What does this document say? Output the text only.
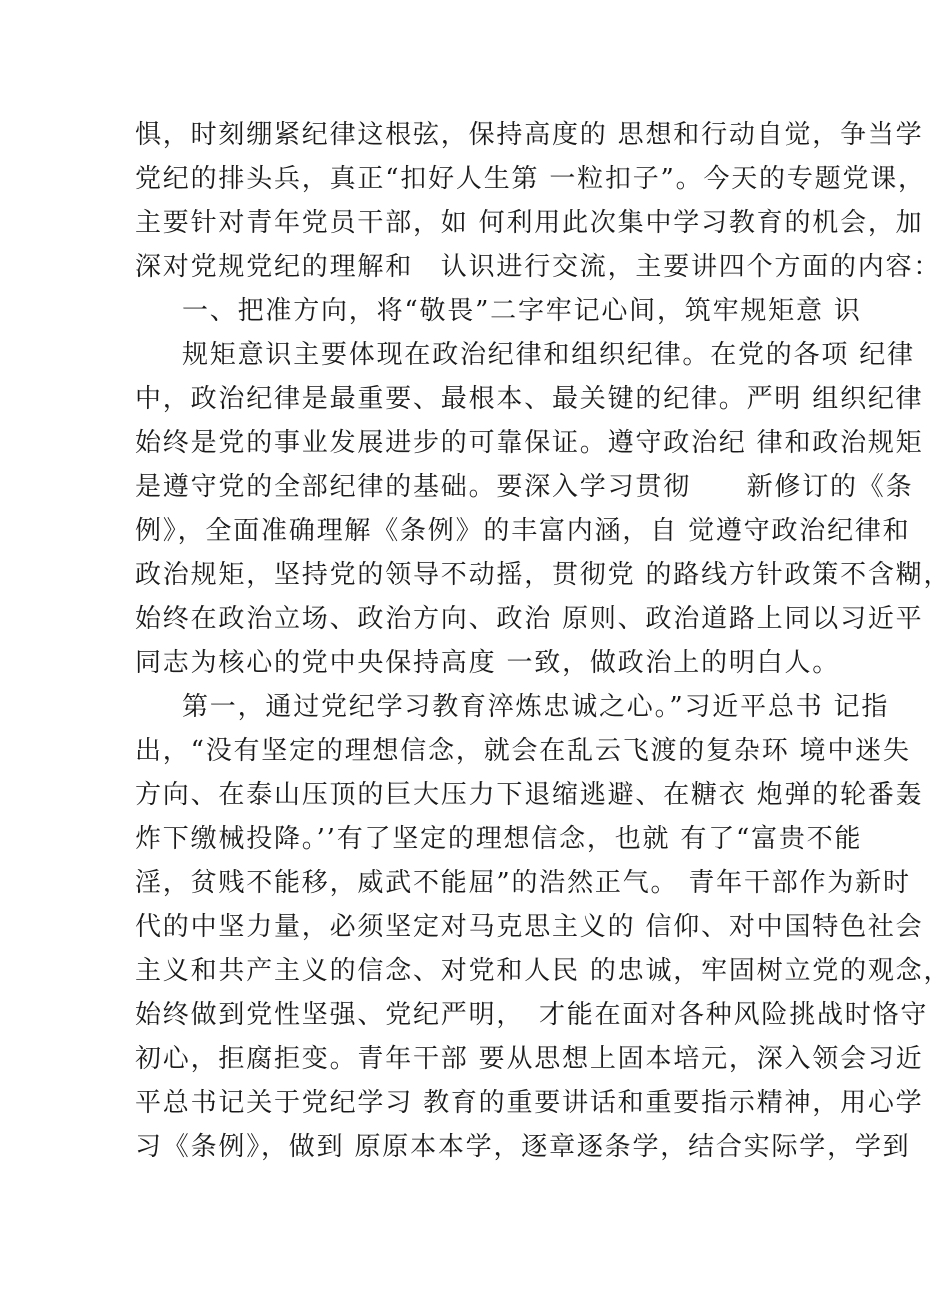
惧，时刻绷紧纪律这根弦，保持高度的 思想和行动自觉，争当学
党纪的排头兵，真正“扣好人生第 一粒扣子”。今天的专题党课，
主要针对青年党员干部，如 何利用此次集中学习教育的机会，加
深对党规党纪的理解和　认识进行交流，主要讲四个方面的内容：
一、把准方向，将“敬畏”二字牢记心间，筑牢规矩意 识
规矩意识主要体现在政治纪律和组织纪律。在党的各项 纪律
中，政治纪律是最重要、最根本、最关键的纪律。严明 组织纪律
始终是党的事业发展进步的可靠保证。遵守政治纪 律和政治规矩
是遵守党的全部纪律的基础。要深入学习贯彻　　新修订的《条
例》，全面准确理解《条例》的丰富内涵，自 觉遵守政治纪律和
政治规矩，坚持党的领导不动摇，贯彻党 的路线方针政策不含糊，
始终在政治立场、政治方向、政治 原则、政治道路上同以习近平
同志为核心的党中央保持高度 一致，做政治上的明白人。
第一，通过党纪学习教育淬炼忠诚之心。”习近平总书 记指
出，“没有坚定的理想信念，就会在乱云飞渡的复杂环 境中迷失
方向、在泰山压顶的巨大压力下退缩逃避、在糖衣 炮弹的轮番轰
炸下缴械投降。’’有了坚定的理想信念，也就 有了“富贵不能
淫，贫贱不能移，威武不能屈”的浩然正气。 青年干部作为新时
代的中坚力量，必须坚定对马克思主义的 信仰、对中国特色社会
主义和共产主义的信念、对党和人民 的忠诚，牢固树立党的观念，
始终做到党性坚强、党纪严明，　才能在面对各种风险挑战时恪守
初心，拒腐拒变。青年干部 要从思想上固本培元，深入领会习近
平总书记关于党纪学习 教育的重要讲话和重要指示精神，用心学
习《条例》，做到 原原本本学，逐章逐条学，结合实际学，学到
